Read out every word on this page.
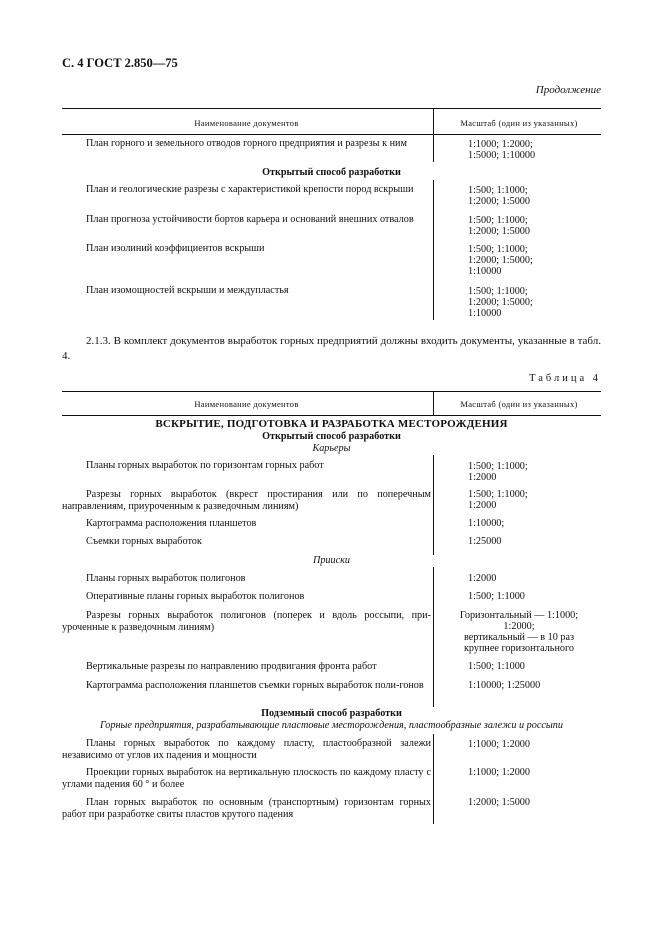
С. 4 ГОСТ 2.850—75
Продолжение
Наименование документов	Масштаб (один из указанных)
План горного и земельного отводов горного предприятия и разрезы к ним	1:1000; 1:2000;
1:5000; 1:10000
Открытый способ разработки
План и геологические разрезы с характеристикой крепости пород вскрыши	1:500; 1:1000;
1:2000; 1:5000
План прогноза устойчивости бортов карьера и оснований внешних отвалов	1:500; 1:1000;
1:2000; 1:5000
План изолиний коэффициентов вскрыши	1:500; 1:1000;
1:2000; 1:5000;
1:10000
План изомощностей вскрыши и междупластья	1:500; 1:1000;
1:2000; 1:5000;
1:10000
2.1.3. В комплект документов выработок горных предприятий должны входить документы, указанные в табл. 4.
Таблица 4
Наименование документов	Масштаб (один из указанных)
ВСКРЫТИЕ, ПОДГОТОВКА И РАЗРАБОТКА МЕСТОРОЖДЕНИЯ
Открытый способ разработки
Карьеры
Планы горных выработок по горизонтам горных работ	1:500; 1:1000;
1:2000
Разрезы горных выработок (вкрест простирания или по поперечным направлениям, приуроченным к разведочным линиям)
1:500; 1:1000;
1:2000
Картограмма расположения планшетов	1:10000;
Съемки горных выработок	1:25000
Прииски
Планы горных выработок полигонов	1:2000
Оперативные планы горных выработок полигонов	1:500; 1:1000
Разрезы горных выработок полигонов (поперек и вдоль россыпи, при-уроченные к разведочным линиям)
Горизонтальный — 1:1000;
1:2000;
вертикальный — в 10 раз
крупнее горизонтального
Вертикальные разрезы по направлению продвигания фронта работ	1:500; 1:1000
Картограмма расположения планшетов съемки горных выработок поли-гонов	1:10000; 1:25000
Подземный способ разработки
Горные предприятия, разрабатывающие пластовые месторождения, пластообразные залежи и россыпи
Планы горных выработок по каждому пласту, пластообразной залежи независимо от углов их падения и мощности
1:1000; 1:2000
Проекции горных выработок на вертикальную плоскость по каждому пласту с углами падения 60 ° и более
1:1000; 1:2000
План горных выработок по основным (транспортным) горизонтам горных работ при разработке свиты пластов крутого падения
1:2000; 1:5000
